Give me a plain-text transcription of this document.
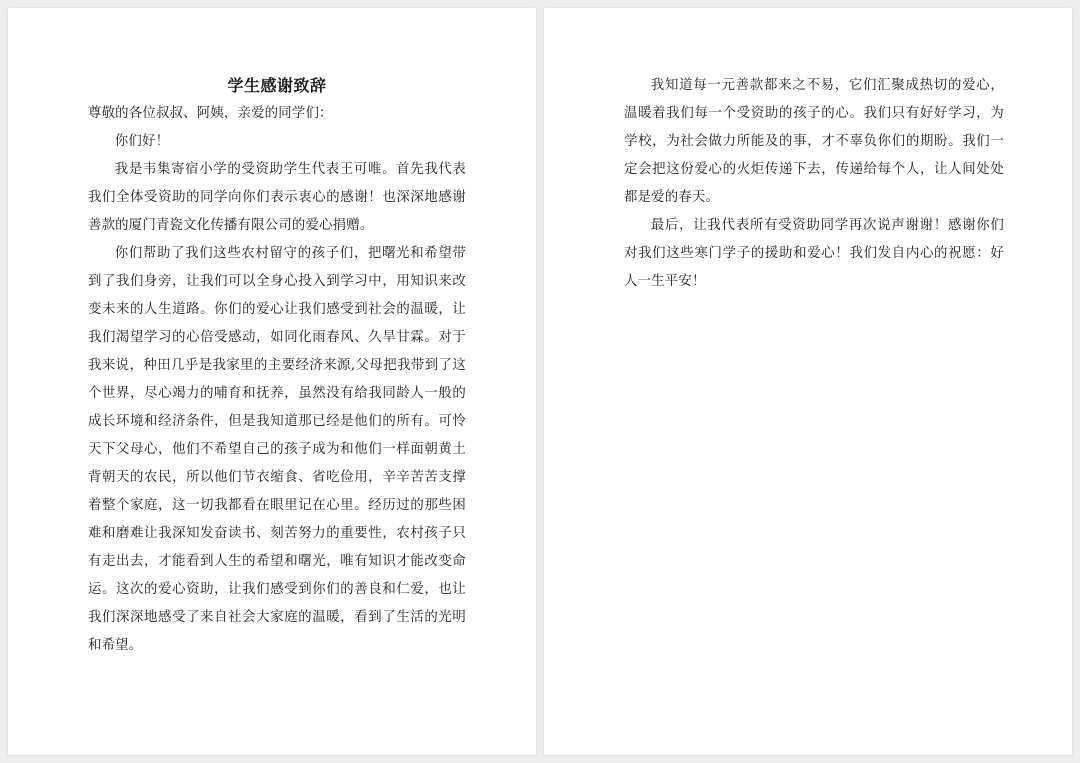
学生感谢致辞

尊敬的各位叔叔、阿姨，亲爱的同学们：

你们好！

我是韦集寄宿小学的受资助学生代表王可唯。首先我代表我们全体受资助的同学向你们表示衷心的感谢！也深深地感谢善款的厦门青瓷文化传播有限公司的爱心捐赠。

你们帮助了我们这些农村留守的孩子们，把曙光和希望带到了我们身旁，让我们可以全身心投入到学习中，用知识来改变未来的人生道路。你们的爱心让我们感受到社会的温暖，让我们渴望学习的心倍受感动，如同化雨春风、久旱甘霖。对于我来说，种田几乎是我家里的主要经济来源,父母把我带到了这个世界，尽心竭力的哺育和抚养，虽然没有给我同龄人一般的成长环境和经济条件，但是我知道那已经是他们的所有。可怜天下父母心，他们不希望自己的孩子成为和他们一样面朝黄土背朝天的农民，所以他们节衣缩食、省吃俭用，辛辛苦苦支撑着整个家庭，这一切我都看在眼里记在心里。经历过的那些困难和磨难让我深知发奋读书、刻苦努力的重要性，农村孩子只有走出去，才能看到人生的希望和曙光，唯有知识才能改变命运。这次的爱心资助，让我们感受到你们的善良和仁爱，也让我们深深地感受了来自社会大家庭的温暖，看到了生活的光明和希望。

我知道每一元善款都来之不易，它们汇聚成热切的爱心，温暖着我们每一个受资助的孩子的心。我们只有好好学习，为学校，为社会做力所能及的事，才不辜负你们的期盼。我们一定会把这份爱心的火炬传递下去，传递给每个人，让人间处处都是爱的春天。

最后，让我代表所有受资助同学再次说声谢谢！感谢你们对我们这些寒门学子的援助和爱心！我们发自内心的祝愿：好人一生平安！
